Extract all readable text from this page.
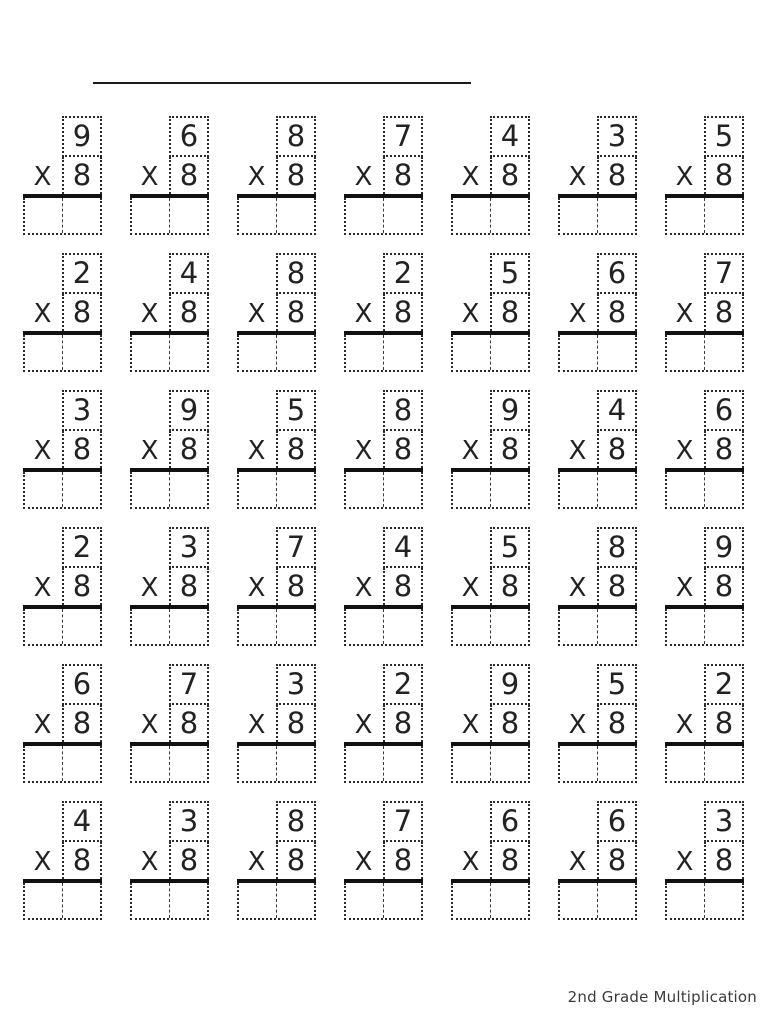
9
X 8
6
X 8
8
X 8
7
X 8
4
X 8
3
X 8
5
X 8
2
X 8
4
X 8
8
X 8
2
X 8
5
X 8
6
X 8
7
X 8
3
X 8
9
X 8
5
X 8
8
X 8
9
X 8
4
X 8
6
X 8
2
X 8
3
X 8
7
X 8
4
X 8
5
X 8
8
X 8
9
X 8
6
X 8
7
X 8
3
X 8
2
X 8
9
X 8
5
X 8
2
X 8
4
X 8
3
X 8
8
X 8
7
X 8
6
X 8
6
X 8
3
X 8
2nd Grade Multiplication
